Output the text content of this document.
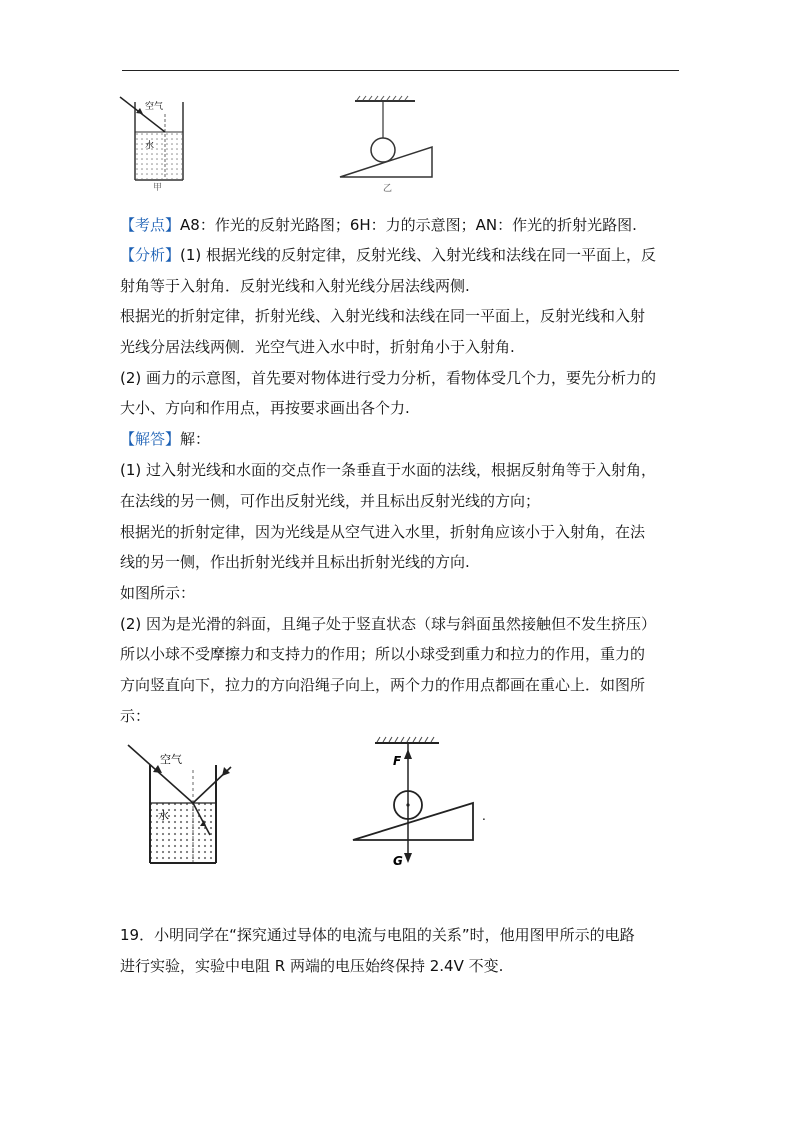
空气
水
甲	乙
【考点】A8：作光的反射光路图；6H：力的示意图；AN：作光的折射光路图.
【分析】(1) 根据光线的反射定律，反射光线、入射光线和法线在同一平面上，反
射角等于入射角．反射光线和入射光线分居法线两侧.
根据光的折射定律，折射光线、入射光线和法线在同一平面上，反射光线和入射
光线分居法线两侧．光空气进入水中时，折射角小于入射角.
(2) 画力的示意图，首先要对物体进行受力分析，看物体受几个力，要先分析力的
大小、方向和作用点，再按要求画出各个力.
【解答】解：
(1) 过入射光线和水面的交点作一条垂直于水面的法线，根据反射角等于入射角，
在法线的另一侧，可作出反射光线，并且标出反射光线的方向；
根据光的折射定律，因为光线是从空气进入水里，折射角应该小于入射角，在法
线的另一侧，作出折射光线并且标出折射光线的方向.
如图所示：
(2) 因为是光滑的斜面，且绳子处于竖直状态（球与斜面虽然接触但不发生挤压）
所以小球不受摩擦力和支持力的作用；所以小球受到重力和拉力的作用，重力的
方向竖直向下，拉力的方向沿绳子向上，两个力的作用点都画在重心上．如图所
示：
空气
水
F
G
.
19．小明同学在“探究通过导体的电流与电阻的关系”时，他用图甲所示的电路
进行实验，实验中电阻 R 两端的电压始终保持 2.4V 不变.
